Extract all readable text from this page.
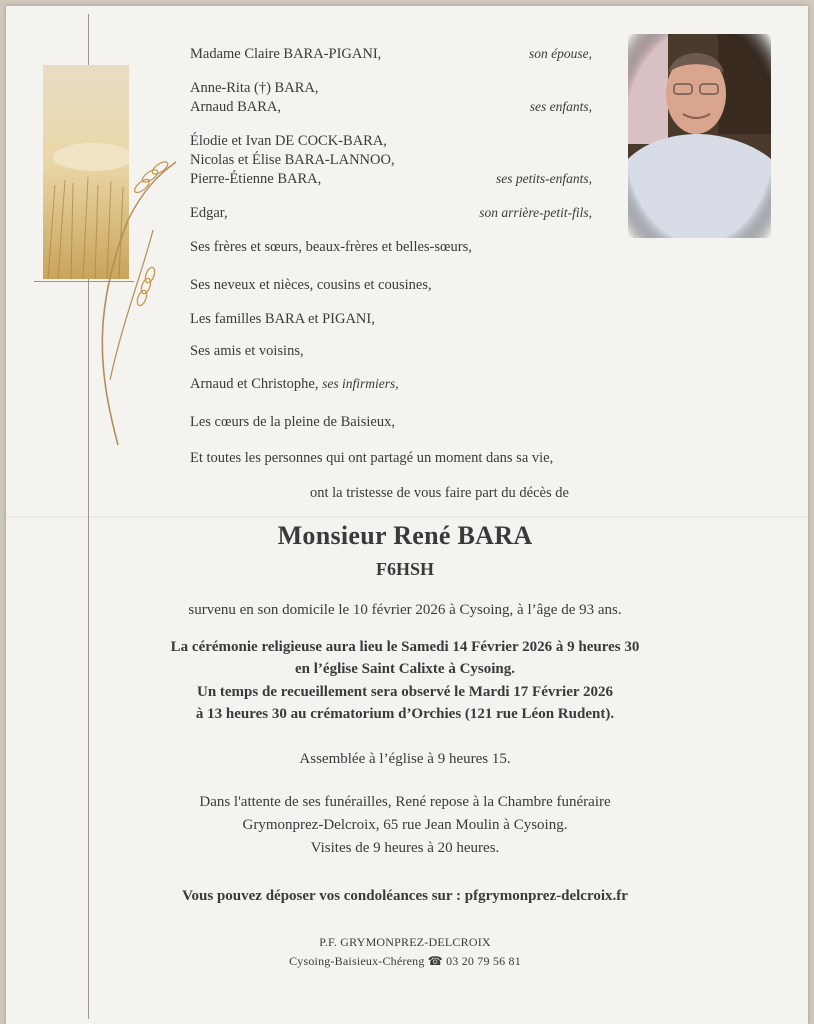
Madame Claire BARA-PIGANI,	son épouse,
Anne-Rita (†) BARA,
Arnaud BARA,	ses enfants,
Élodie et Ivan DE COCK-BARA,
Nicolas et Élise BARA-LANNOO,
Pierre-Étienne BARA,	ses petits-enfants,
Edgar,	son arrière-petit-fils,
Ses frères et sœurs, beaux-frères et belles-sœurs,
Ses neveux et nièces, cousins et cousines,
Les familles BARA et PIGANI,
Ses amis et voisins,
Arnaud et Christophe, ses infirmiers,
Les cœurs de la pleine de Baisieux,
Et toutes les personnes qui ont partagé un moment dans sa vie,
ont la tristesse de vous faire part du décès de
Monsieur René BARA
F6HSH
survenu en son domicile le 10 février 2026 à Cysoing, à l’âge de 93 ans.
La cérémonie religieuse aura lieu le Samedi 14 Février 2026 à 9 heures 30
en l’église Saint Calixte à Cysoing.
Un temps de recueillement sera observé le Mardi 17 Février 2026
à 13 heures 30 au crématorium d’Orchies (121 rue Léon Rudent).
Assemblée à l’église à 9 heures 15.
Dans l'attente de ses funérailles, René repose à la Chambre funéraire
Grymonprez-Delcroix, 65 rue Jean Moulin à Cysoing.
Visites de 9 heures à 20 heures.
Vous pouvez déposer vos condoléances sur : pfgrymonprez-delcroix.fr
P.F. GRYMONPREZ-DELCROIX
Cysoing-Baisieux-Chéreng ☎ 03 20 79 56 81
